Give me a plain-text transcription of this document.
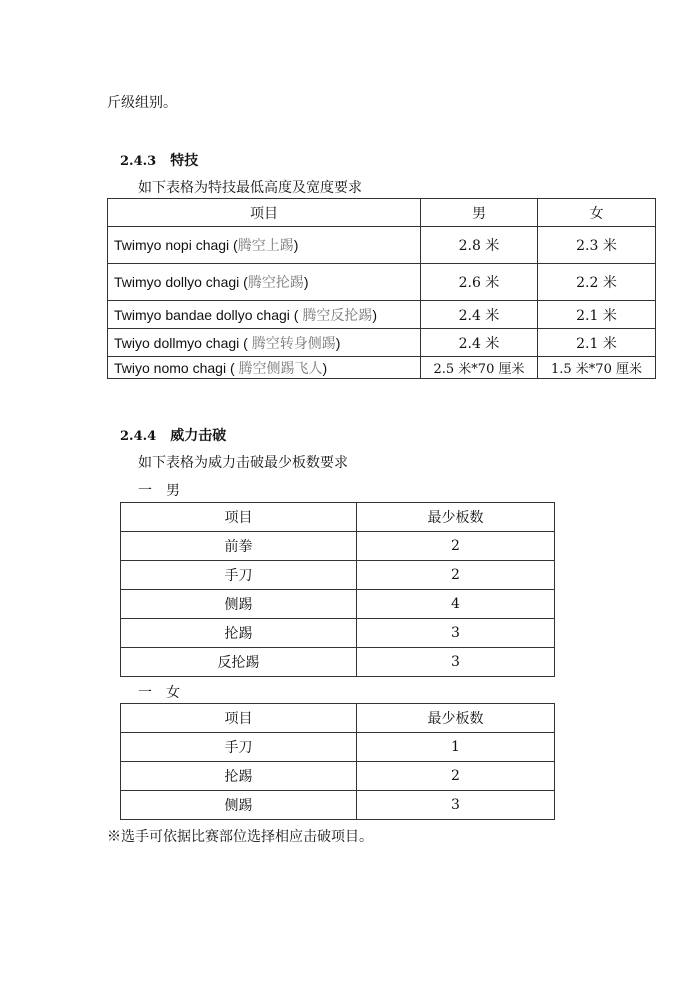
斤级组别。
2.4.3 特技
如下表格为特技最低高度及宽度要求
项目	男	女
Twimyo nopi chagi (腾空上踢)	2.8 米	2.3 米
Twimyo dollyo chagi (腾空抡踢)	2.6 米	2.2 米
Twimyo bandae dollyo chagi ( 腾空反抡踢)	2.4 米	2.1 米
Twiyo dollmyo chagi ( 腾空转身侧踢)	2.4 米	2.1 米
Twiyo nomo chagi ( 腾空侧踢飞人)	2.5 米*70 厘米	1.5 米*70 厘米
2.4.4 威力击破
如下表格为威力击破最少板数要求
一　男
项目	最少板数
前拳	2
手刀	2
侧踢	4
抡踢	3
反抡踢	3
一　女
项目	最少板数
手刀	1
抡踢	2
侧踢	3
※选手可依据比赛部位选择相应击破项目。
